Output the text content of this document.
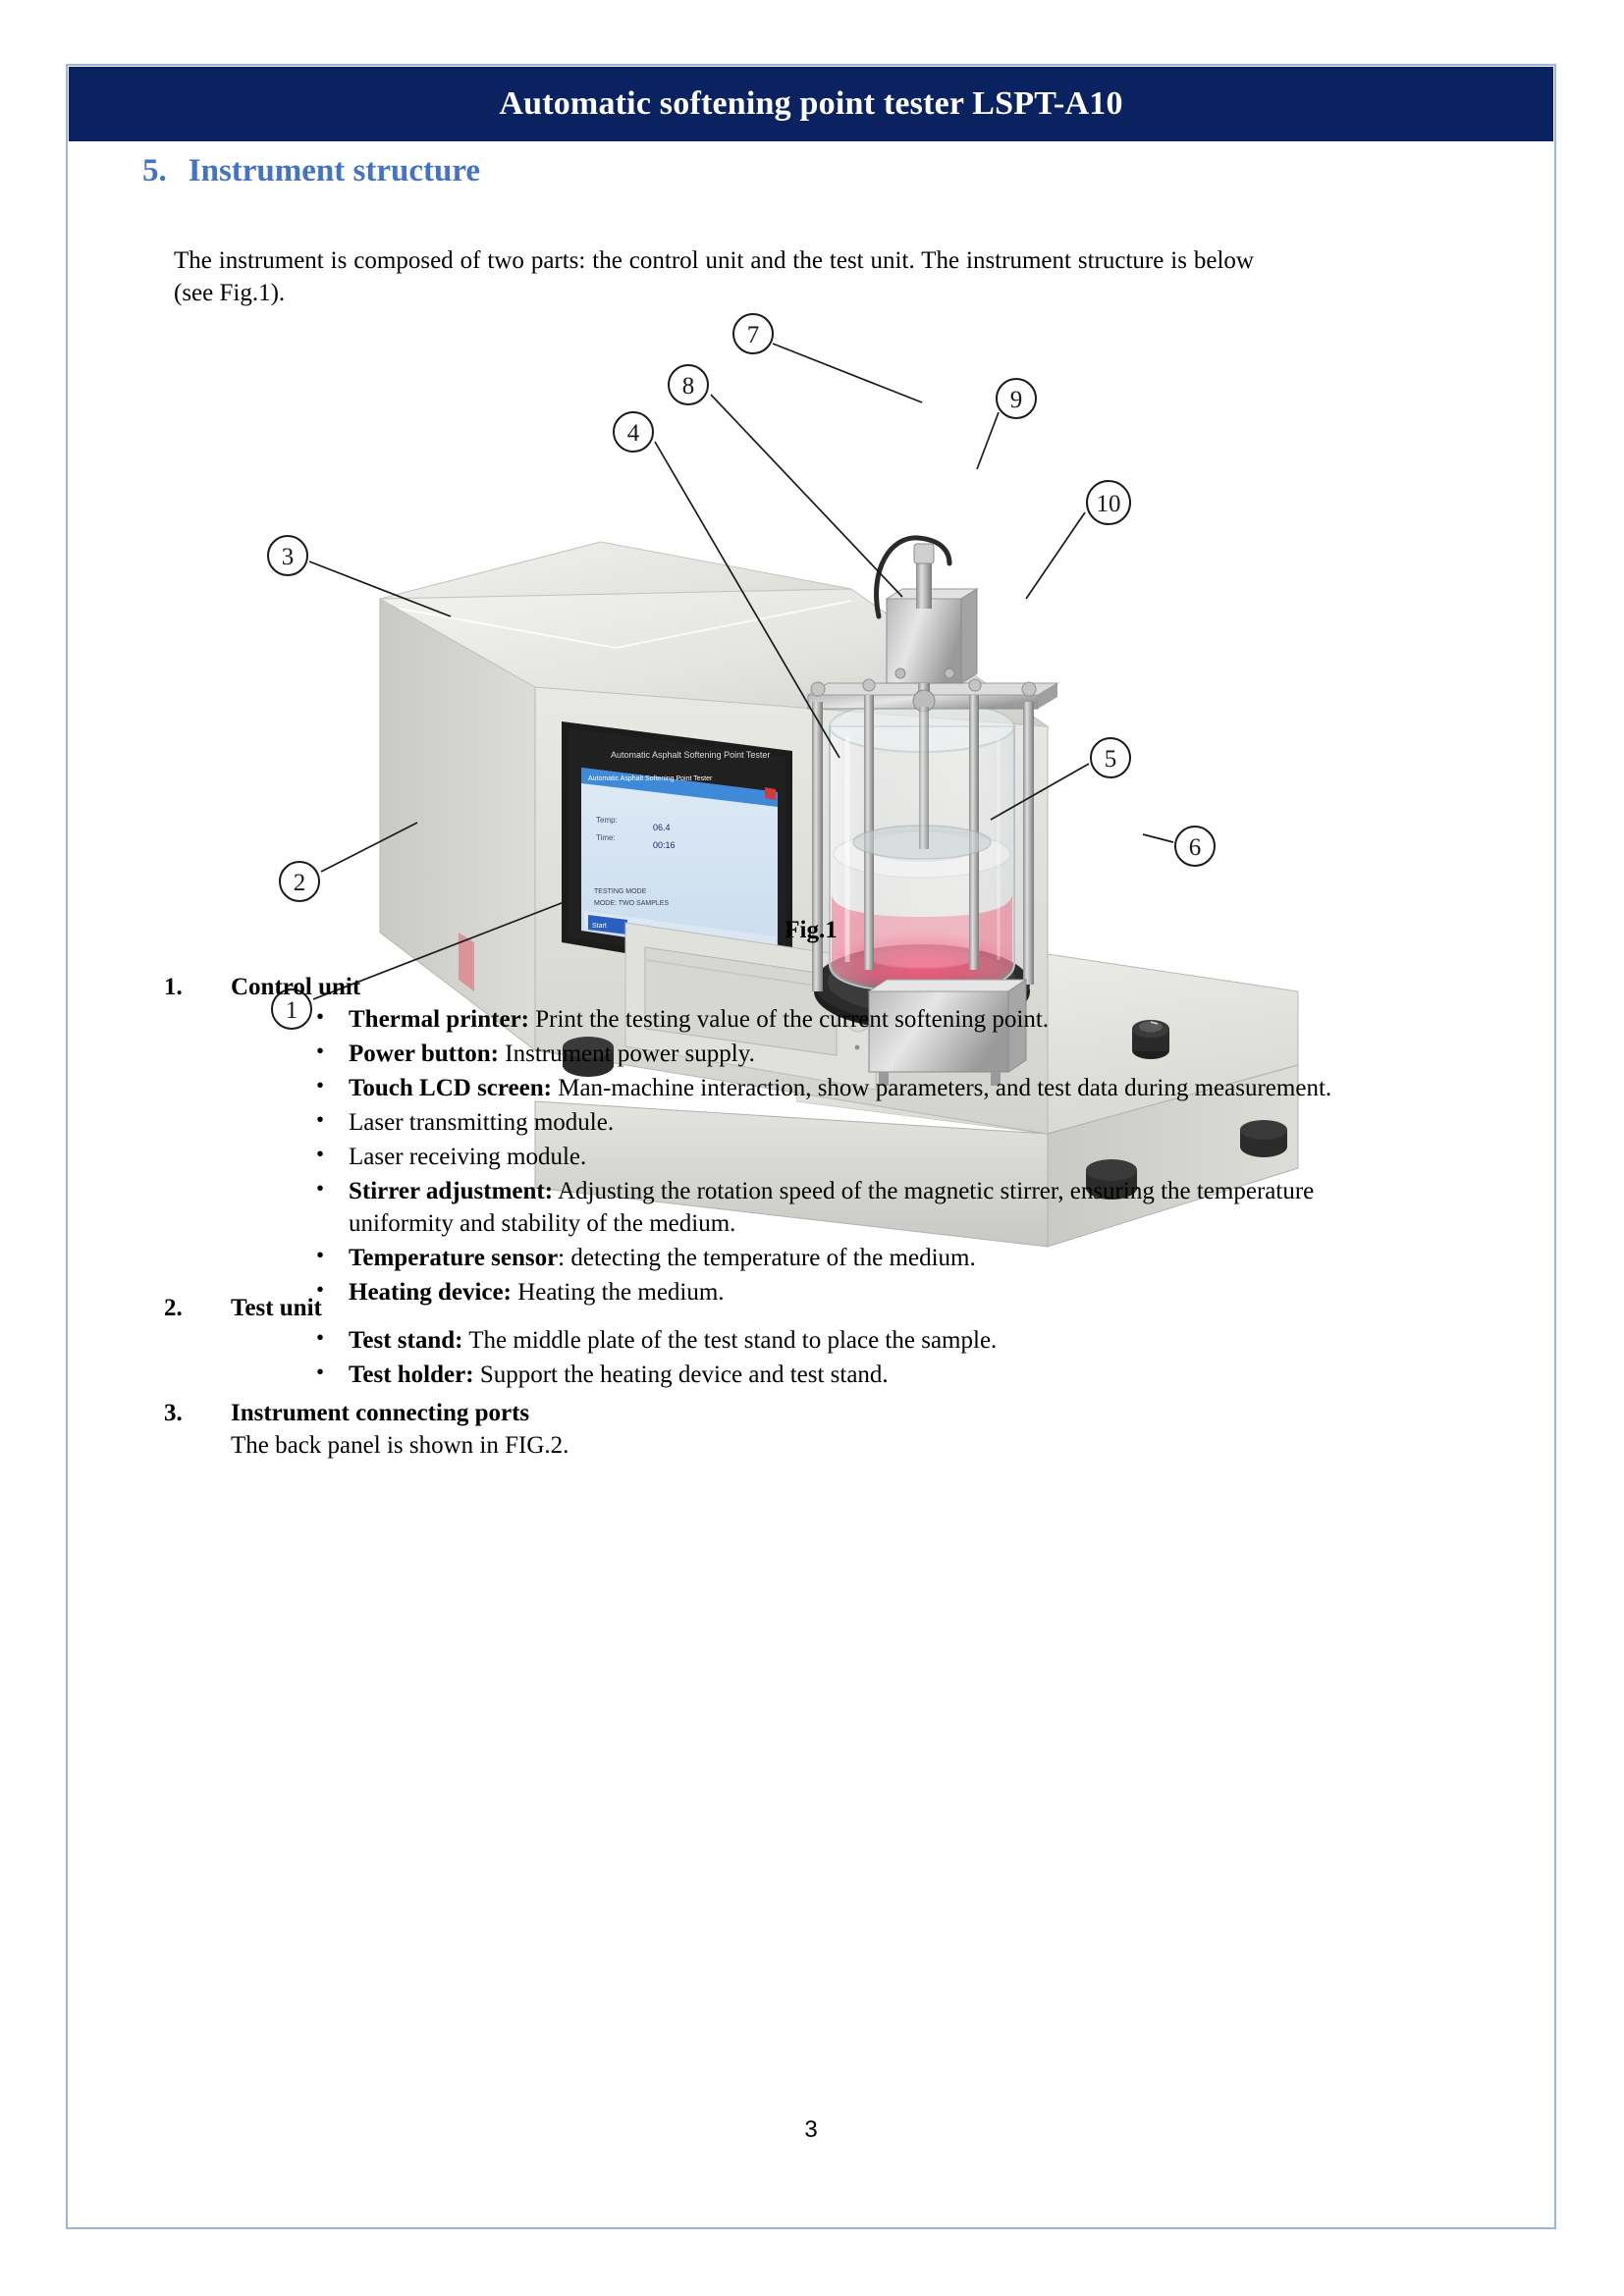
Automatic softening point tester LSPT-A10
5. Instrument structure

The instrument is composed of two parts: the control unit and the test unit. The instrument structure is below (see Fig.1).

Automatic Asphalt Softening Point Tester
Automatic Asphalt Softening Point Tester
Temp:
06.4
Time:
00:16
TESTING MODE
MODE: TWO SAMPLES
Start
7
8
9
4
10
5
6
3
2
1
Fig.1
1.	Control unit
• Thermal printer: Print the testing value of the current softening point.
• Power button: Instrument power supply.
• Touch LCD screen: Man-machine interaction, show parameters, and test data during measurement.
• Laser transmitting module.
• Laser receiving module.
• Stirrer adjustment: Adjusting the rotation speed of the magnetic stirrer, ensuring the temperature uniformity and stability of the medium.
• Temperature sensor: detecting the temperature of the medium.
• Heating device: Heating the medium.
2.	Test unit
• Test stand: The middle plate of the test stand to place the sample.
• Test holder: Support the heating device and test stand.
3.	Instrument connecting ports
The back panel is shown in FIG.2.
3
